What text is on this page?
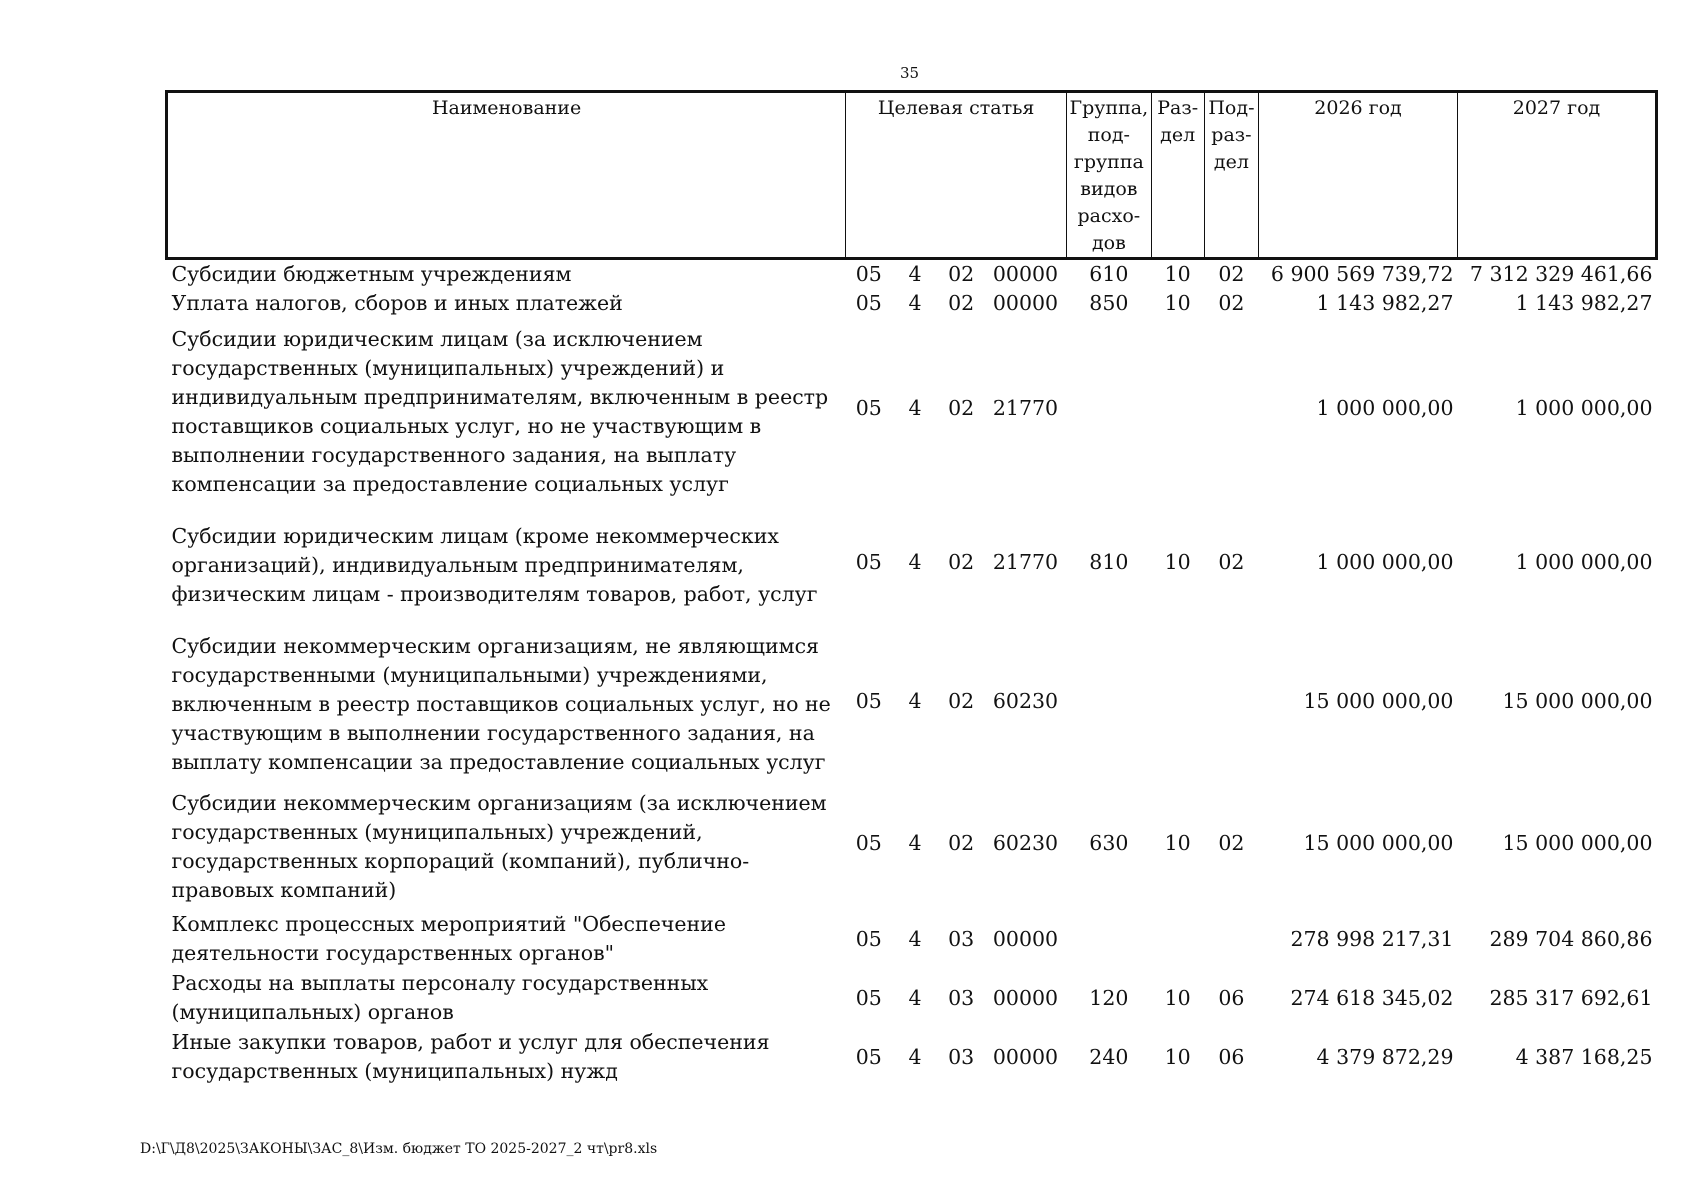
35
Наименование	Целевая статья				Группа, под-группа видов расхо-дов	Раз-дел	Под-раз-дел	2026 год	2027 год
Субсидии бюджетным учреждениям	05	4	02	00000	610	10	02	6 900 569 739,72	7 312 329 461,66
Уплата налогов, сборов и иных платежей	05	4	02	00000	850	10	02	1 143 982,27	1 143 982,27
Субсидии юридическим лицам (за исключением государственных (муниципальных) учреждений) и индивидуальным предпринимателям, включенным в реестр поставщиков социальных услуг, но не участвующим в выполнении государственного задания, на выплату компенсации за предоставление социальных услуг	05	4	02	21770				1 000 000,00	1 000 000,00
Субсидии юридическим лицам (кроме некоммерческих организаций), индивидуальным предпринимателям, физическим лицам - производителям товаров, работ, услуг	05	4	02	21770	810	10	02	1 000 000,00	1 000 000,00
Субсидии некоммерческим организациям, не являющимся государственными (муниципальными) учреждениями, включенным в реестр поставщиков социальных услуг, но не участвующим в выполнении государственного задания, на выплату компенсации за предоставление социальных услуг	05	4	02	60230				15 000 000,00	15 000 000,00
Субсидии некоммерческим организациям (за исключением государственных (муниципальных) учреждений, государственных корпораций (компаний), публично-правовых компаний)	05	4	02	60230	630	10	02	15 000 000,00	15 000 000,00
Комплекс процессных мероприятий "Обеспечение деятельности государственных органов"	05	4	03	00000				278 998 217,31	289 704 860,86
Расходы на выплаты персоналу государственных (муниципальных) органов	05	4	03	00000	120	10	06	274 618 345,02	285 317 692,61
Иные закупки товаров, работ и услуг для обеспечения государственных (муниципальных) нужд	05	4	03	00000	240	10	06	4 379 872,29	4 387 168,25
D:\Г\Д8\2025\ЗАКОНЫ\ЗАС_8\Изм. бюджет ТО 2025-2027_2 чт\pr8.xls
